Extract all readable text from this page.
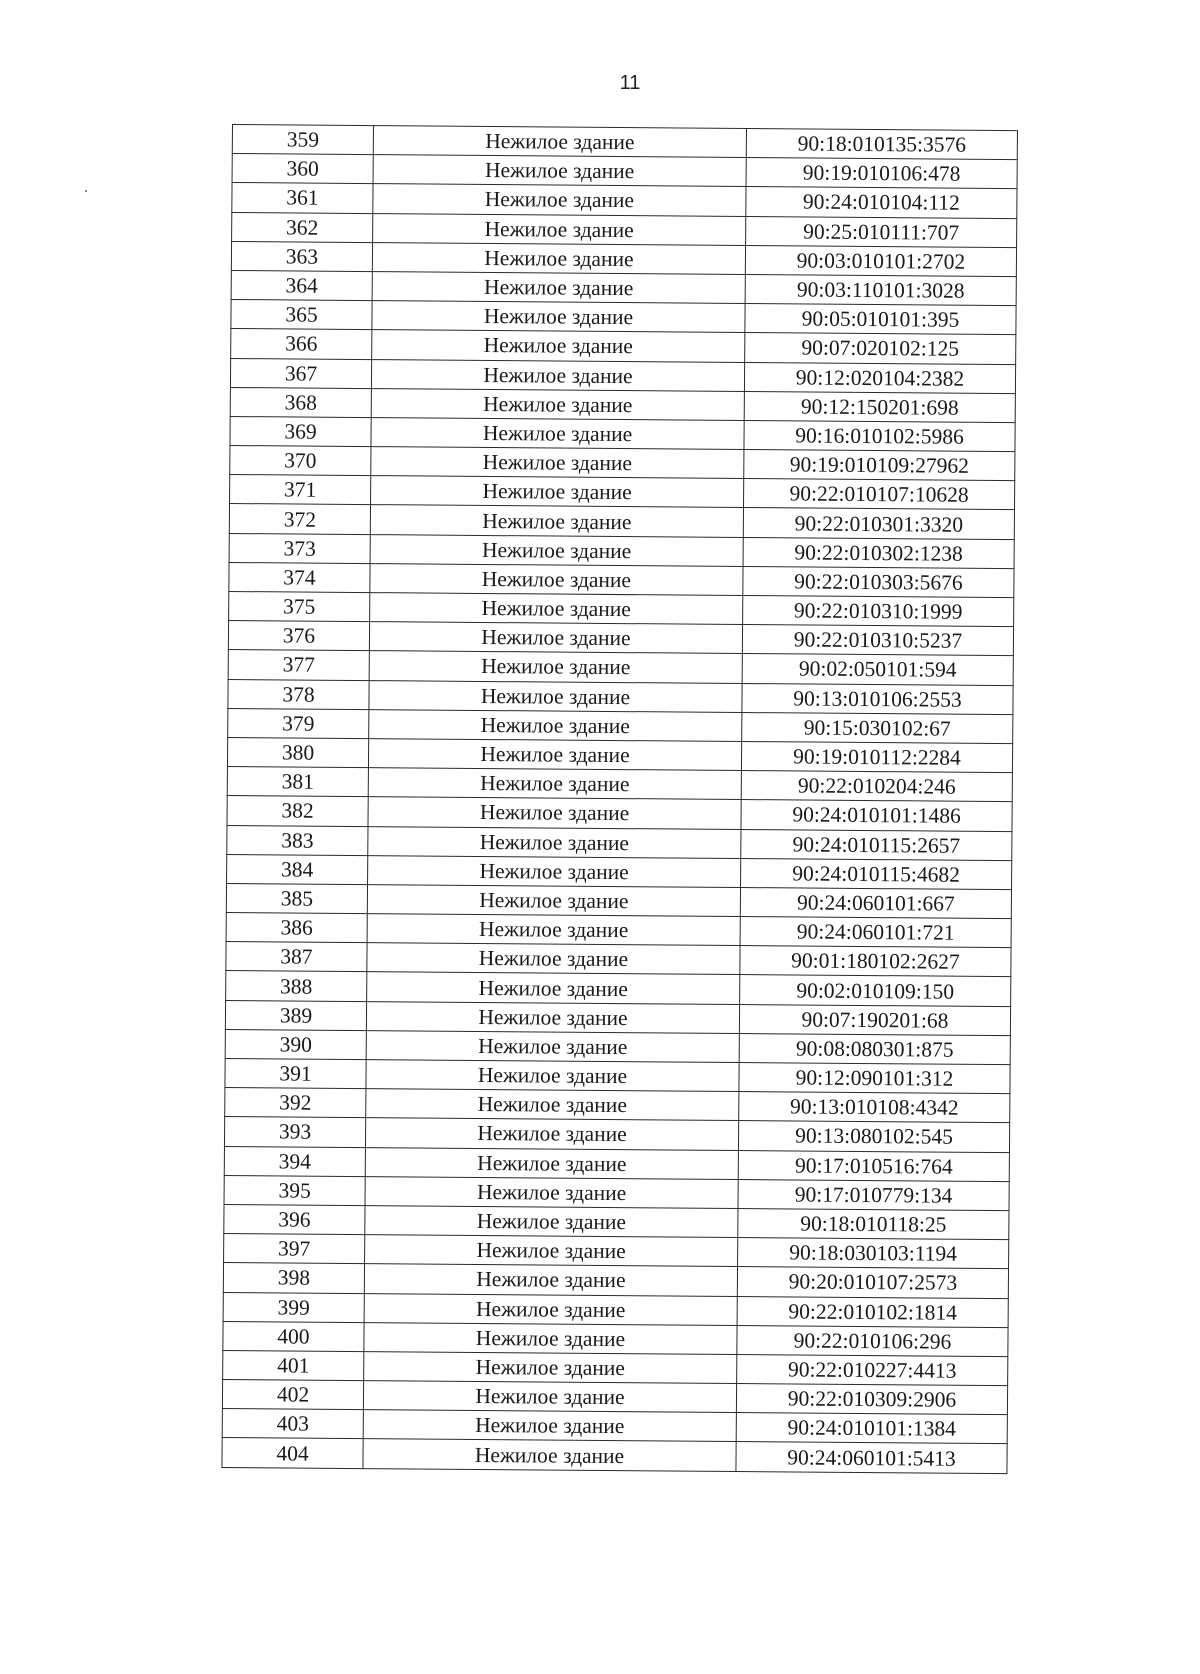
11
359	Нежилое здание	90:18:010135:3576
360	Нежилое здание	90:19:010106:478
361	Нежилое здание	90:24:010104:112
362	Нежилое здание	90:25:010111:707
363	Нежилое здание	90:03:010101:2702
364	Нежилое здание	90:03:110101:3028
365	Нежилое здание	90:05:010101:395
366	Нежилое здание	90:07:020102:125
367	Нежилое здание	90:12:020104:2382
368	Нежилое здание	90:12:150201:698
369	Нежилое здание	90:16:010102:5986
370	Нежилое здание	90:19:010109:27962
371	Нежилое здание	90:22:010107:10628
372	Нежилое здание	90:22:010301:3320
373	Нежилое здание	90:22:010302:1238
374	Нежилое здание	90:22:010303:5676
375	Нежилое здание	90:22:010310:1999
376	Нежилое здание	90:22:010310:5237
377	Нежилое здание	90:02:050101:594
378	Нежилое здание	90:13:010106:2553
379	Нежилое здание	90:15:030102:67
380	Нежилое здание	90:19:010112:2284
381	Нежилое здание	90:22:010204:246
382	Нежилое здание	90:24:010101:1486
383	Нежилое здание	90:24:010115:2657
384	Нежилое здание	90:24:010115:4682
385	Нежилое здание	90:24:060101:667
386	Нежилое здание	90:24:060101:721
387	Нежилое здание	90:01:180102:2627
388	Нежилое здание	90:02:010109:150
389	Нежилое здание	90:07:190201:68
390	Нежилое здание	90:08:080301:875
391	Нежилое здание	90:12:090101:312
392	Нежилое здание	90:13:010108:4342
393	Нежилое здание	90:13:080102:545
394	Нежилое здание	90:17:010516:764
395	Нежилое здание	90:17:010779:134
396	Нежилое здание	90:18:010118:25
397	Нежилое здание	90:18:030103:1194
398	Нежилое здание	90:20:010107:2573
399	Нежилое здание	90:22:010102:1814
400	Нежилое здание	90:22:010106:296
401	Нежилое здание	90:22:010227:4413
402	Нежилое здание	90:22:010309:2906
403	Нежилое здание	90:24:010101:1384
404	Нежилое здание	90:24:060101:5413
